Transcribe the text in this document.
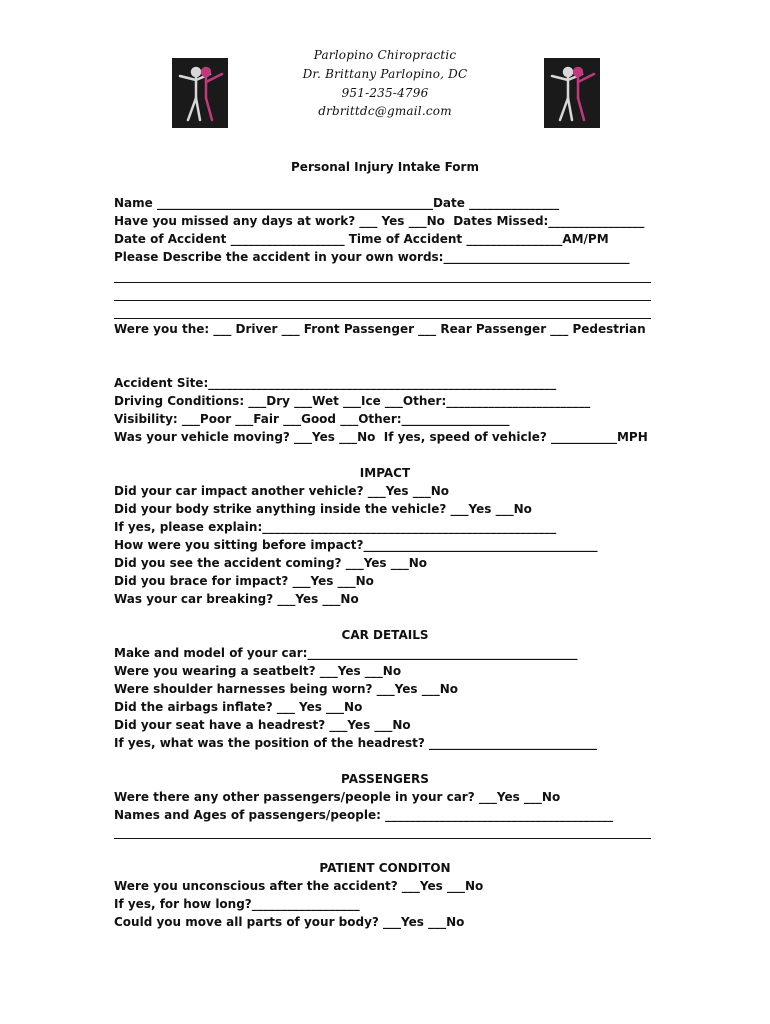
Parlopino Chiropractic
Dr. Brittany Parlopino, DC
951-235-4796
drbrittdc@gmail.com
Personal Injury Intake Form
Name ______________________________________________Date _______________
Have you missed any days at work? ___ Yes ___No  Dates Missed:________________
Date of Accident ___________________ Time of Accident ________________AM/PM
Please Describe the accident in your own words:_______________________________
Were you the: ___ Driver ___ Front Passenger ___ Rear Passenger ___ Pedestrian
Accident Site:__________________________________________________________
Driving Conditions: ___Dry ___Wet ___Ice ___Other:________________________
Visibility: ___Poor ___Fair ___Good ___Other:__________________
Was your vehicle moving? ___Yes ___No  If yes, speed of vehicle? ___________MPH
IMPACT
Did your car impact another vehicle? ___Yes ___No
Did your body strike anything inside the vehicle? ___Yes ___No
If yes, please explain:_________________________________________________
How were you sitting before impact?_______________________________________
Did you see the accident coming? ___Yes ___No
Did you brace for impact? ___Yes ___No
Was your car breaking? ___Yes ___No
CAR DETAILS
Make and model of your car:_____________________________________________
Were you wearing a seatbelt? ___Yes ___No
Were shoulder harnesses being worn? ___Yes ___No
Did the airbags inflate? ___ Yes ___No
Did your seat have a headrest? ___Yes ___No
If yes, what was the position of the headrest? ____________________________
PASSENGERS
Were there any other passengers/people in your car? ___Yes ___No
Names and Ages of passengers/people: ______________________________________
PATIENT CONDITON
Were you unconscious after the accident? ___Yes ___No
If yes, for how long?__________________
Could you move all parts of your body? ___Yes ___No
